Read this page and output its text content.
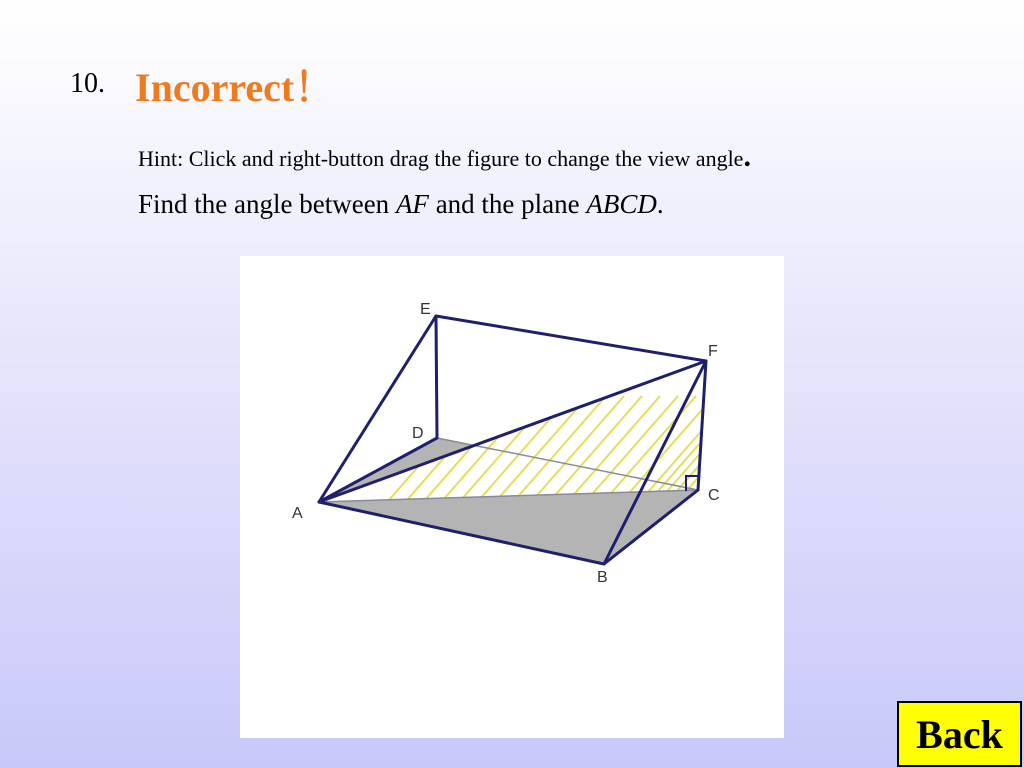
10. Incorrect！
Hint: Click and right-button drag the figure to change the view angle.
Find the angle between AF and the plane ABCD.
E
F
D
A
C
B
Back
